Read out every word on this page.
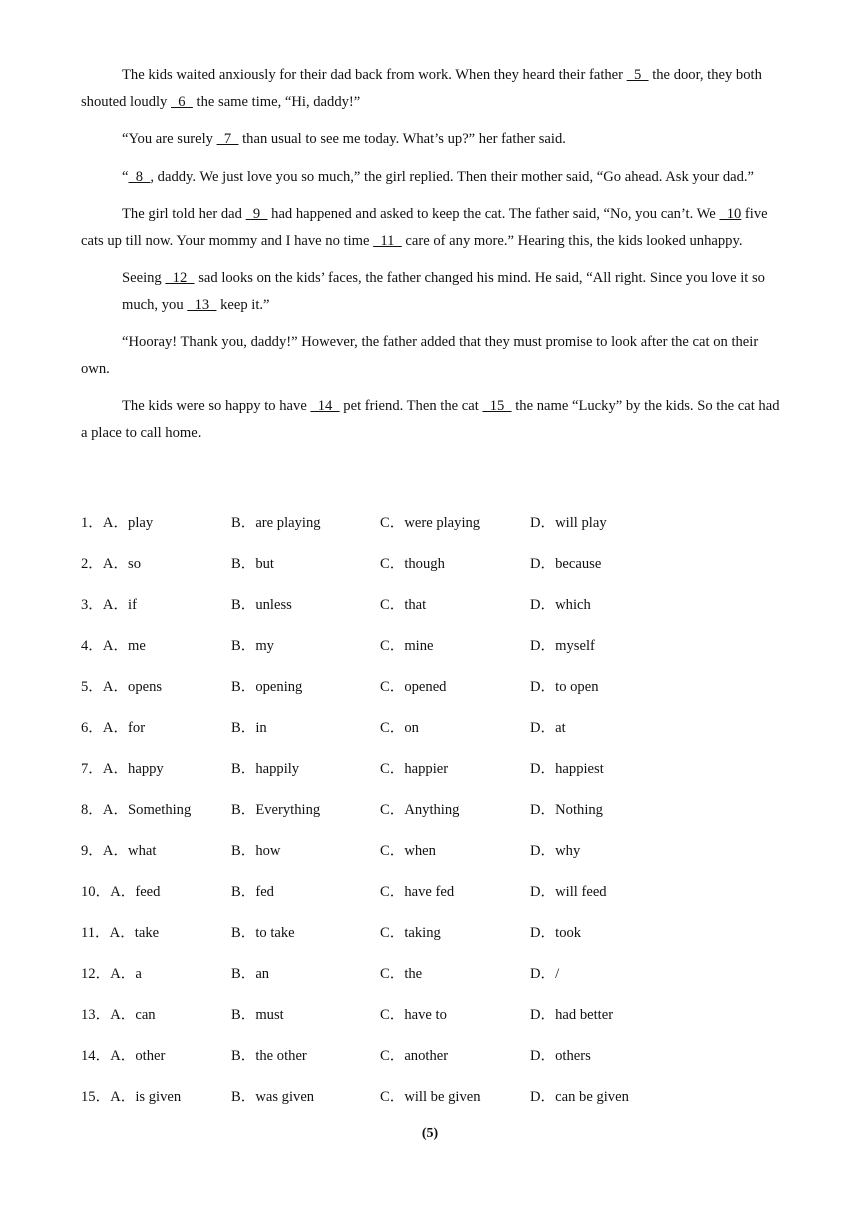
The kids waited anxiously for their dad back from work. When they heard their father   5   the door, they both shouted loudly   6   the same time, “Hi, daddy!”

“You are surely   7   than usual to see me today. What’s up?” her father said.

“  8  , daddy. We just love you so much,” the girl replied. Then their mother said, “Go ahead. Ask your dad.”

The girl told her dad   9   had happened and asked to keep the cat. The father said, “No, you can’t. We   10 five cats up till now. Your mommy and I have no time   11   care of any more.” Hearing this, the kids looked unhappy.

Seeing   12   sad looks on the kids’ faces, the father changed his mind. He said, “All right. Since you love it so much, you   13   keep it.”

“Hooray! Thank you, daddy!” However, the father added that they must promise to look after the cat on their own.

The kids were so happy to have   14   pet friend. Then the cat   15   the name “Lucky” by the kids. So the cat had a place to call home.

1．A．play	B．are playing	C．were playing	D．will play
2．A．so	B．but	C．though	D．because
3．A．if	B．unless	C．that	D．which
4．A．me	B．my	C．mine	D．myself
5．A．opens	B．opening	C．opened	D．to open
6．A．for	B．in	C．on	D．at
7．A．happy	B．happily	C．happier	D．happiest
8．A．Something	B．Everything	C．Anything	D．Nothing
9．A．what	B．how	C．when	D．why
10．A．feed	B．fed	C．have fed	D．will feed
11．A．take	B．to take	C．taking	D．took
12．A．a	B．an	C．the	D．/
13．A．can	B．must	C．have to	D．had better
14．A．other	B．the other	C．another	D．others
15．A．is given	B．was given	C．will be given	D．can be given
(5)
